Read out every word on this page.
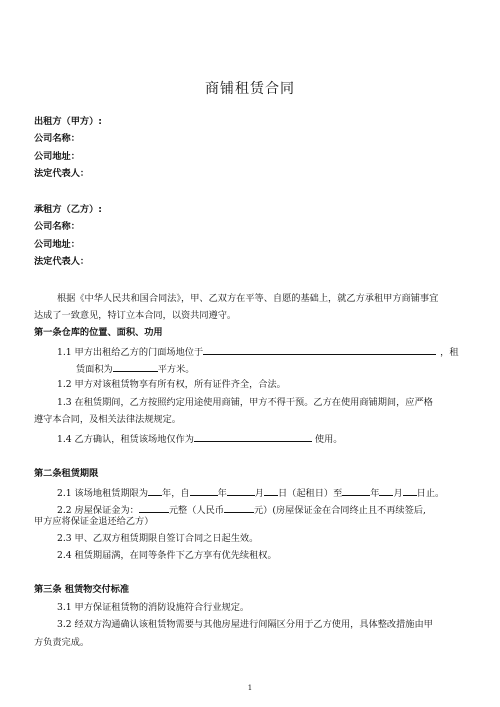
商铺租赁合同
出租方（甲方）:
公司名称：
公司地址：
法定代表人：
承租方（乙方）:
公司名称：
公司地址：
法定代表人：
根据《中华人民共和国合同法》，甲、乙双方在平等、自愿的基础上，就乙方承租甲方商铺事宜
达成了一致意见，特订立本合同，以资共同遵守。
第一条仓库的位置、面积、功用
1.1 甲方出租给乙方的门面场地位于	，租
赁面积为	平方米。
1.2 甲方对该租赁物享有所有权，所有证件齐全，合法。
1.3 在租赁期间，乙方按照约定用途使用商铺，甲方不得干预。乙方在使用商铺期间，应严格
遵守本合同，及相关法律法规规定。
1.4 乙方确认，租赁该场地仅作为	使用。
第二条租赁期限
2.1 该场地租赁期限为 年，自	年	月 日（起租日）至	年 月 日止。
2.2 房屋保证金为：	元整（人民币	元）(房屋保证金在合同终止且不再续签后,
甲方应将保证金退还给乙方）
2.3 甲、乙双方租赁期限自签订合同之日起生效。
2.4 租赁期届满，在同等条件下乙方享有优先续租权。
第三条 租赁物交付标准
3.1 甲方保证租赁物的消防设施符合行业规定。
3.2 经双方沟通确认该租赁物需要与其他房屋进行间隔区分用于乙方使用，具体整改措施由甲
方负责完成。
1
